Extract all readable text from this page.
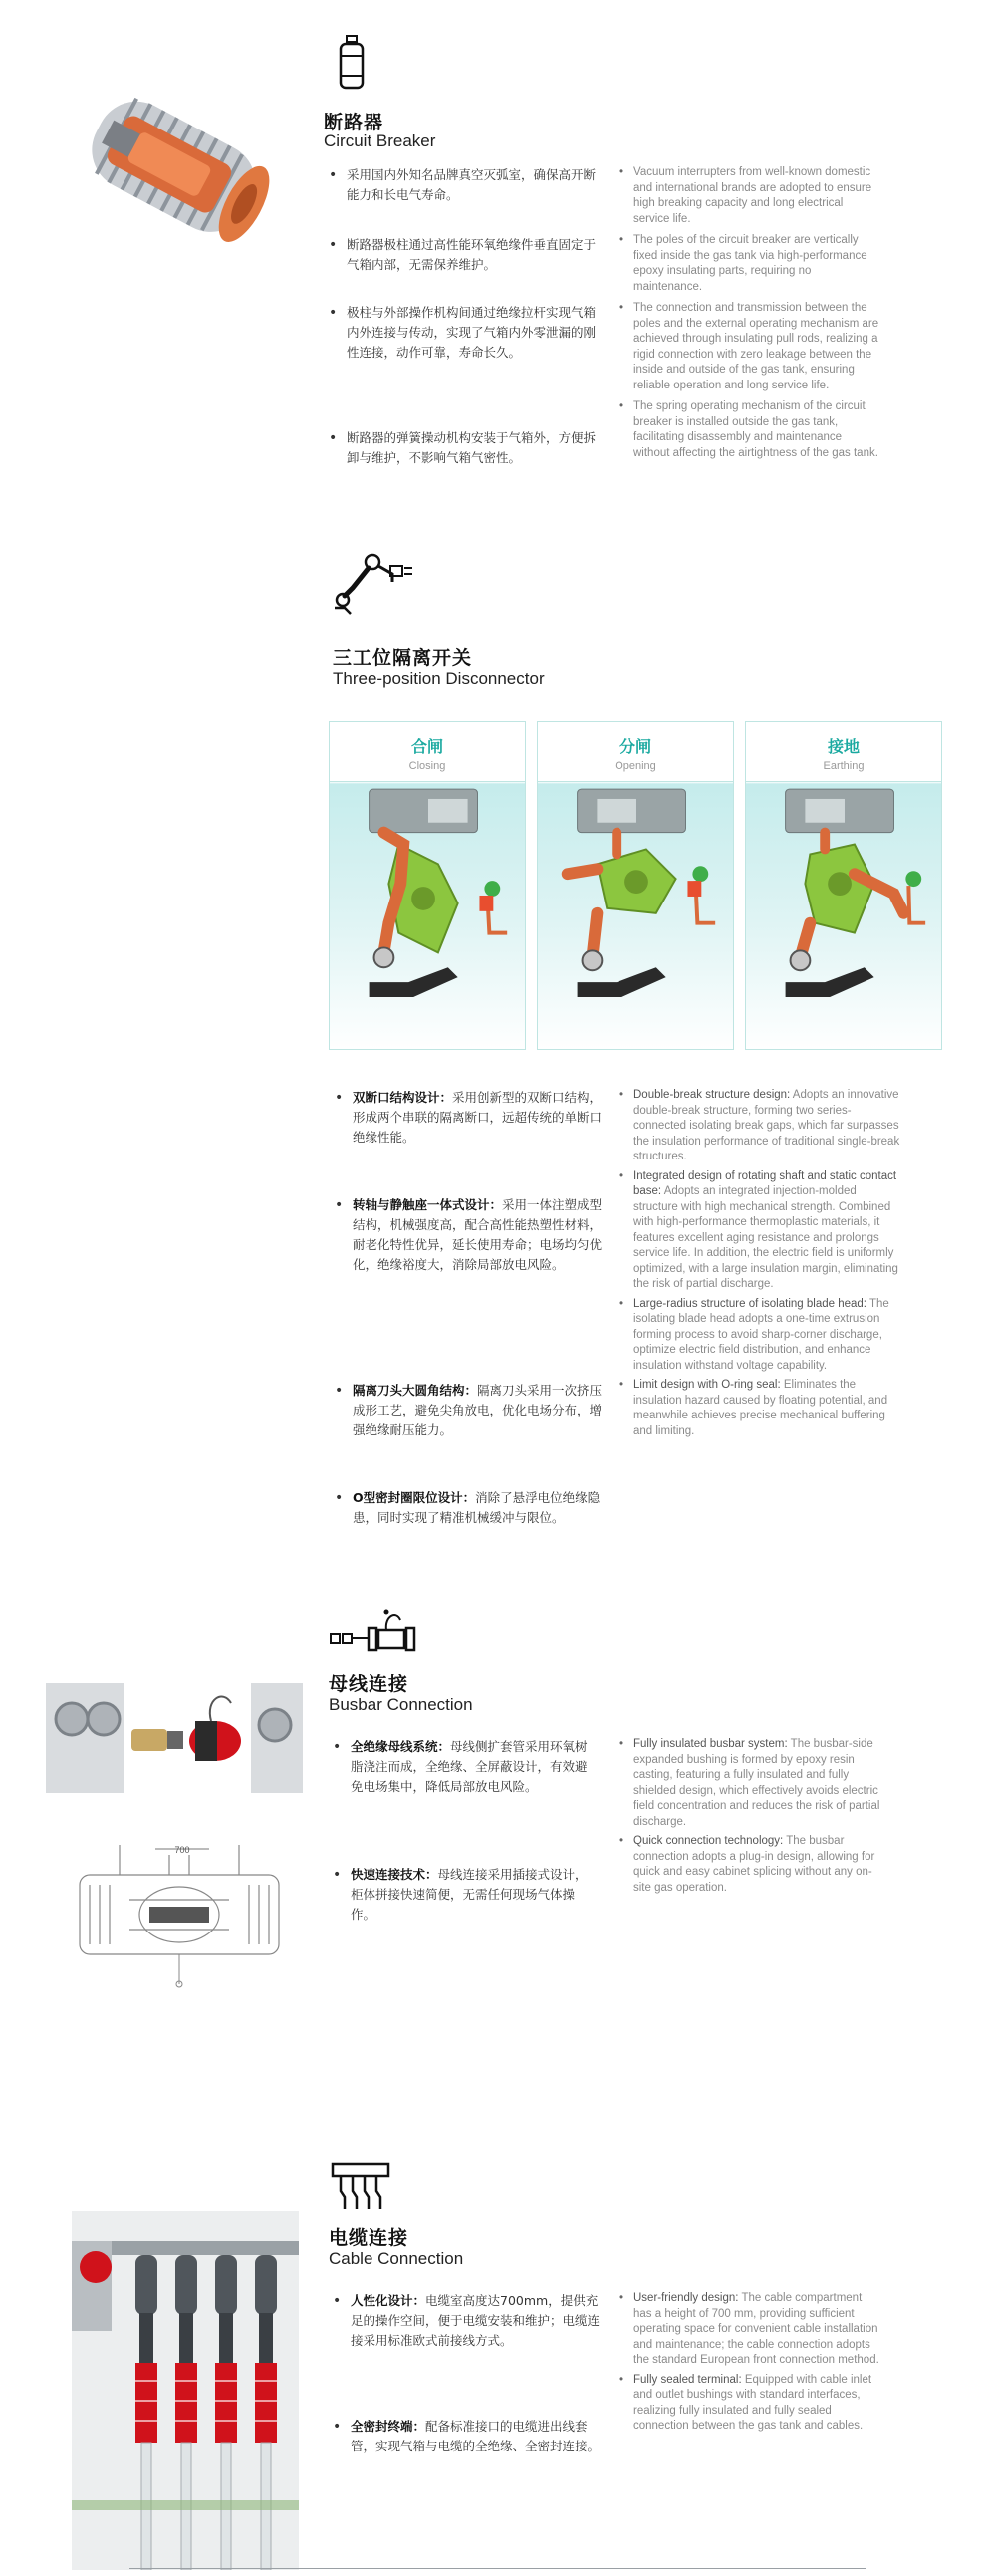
断路器
Circuit Breaker
• 采用国内外知名品牌真空灭弧室，确保高开断能力和长电气寿命。
• 断路器极柱通过高性能环氧绝缘件垂直固定于气箱内部，无需保养维护。
• 极柱与外部操作机构间通过绝缘拉杆实现气箱内外连接与传动，实现了气箱内外零泄漏的刚性连接，动作可靠，寿命长久。
• 断路器的弹簧操动机构安装于气箱外，方便拆卸与维护，不影响气箱气密性。
• Vacuum interrupters from well-known domestic and international brands are adopted to ensure high breaking capacity and long electrical service life.
• The poles of the circuit breaker are vertically fixed inside the gas tank via high-performance epoxy insulating parts, requiring no maintenance.
• The connection and transmission between the poles and the external operating mechanism are achieved through insulating pull rods, realizing a rigid connection with zero leakage between the inside and outside of the gas tank, ensuring reliable operation and long service life.
• The spring operating mechanism of the circuit breaker is installed outside the gas tank, facilitating disassembly and maintenance without affecting the airtightness of the gas tank.
三工位隔离开关
Three-position Disconnector
合闸
Closing
分闸
Opening
接地
Earthing
• 双断口结构设计：采用创新型的双断口结构，形成两个串联的隔离断口，远超传统的单断口绝缘性能。
• 转轴与静触座一体式设计：采用一体注塑成型结构，机械强度高，配合高性能热塑性材料，耐老化特性优异，延长使用寿命；电场均匀优化，绝缘裕度大，消除局部放电风险。
• 隔离刀头大圆角结构：隔离刀头采用一次挤压成形工艺，避免尖角放电，优化电场分布，增强绝缘耐压能力。
• O型密封圈限位设计：消除了悬浮电位绝缘隐患，同时实现了精准机械缓冲与限位。
• Double-break structure design: Adopts an innovative double-break structure, forming two series-connected isolating break gaps, which far surpasses the insulation performance of traditional single-break structures.
• Integrated design of rotating shaft and static contact base: Adopts an integrated injection-molded structure with high mechanical strength. Combined with high-performance thermoplastic materials, it features excellent aging resistance and prolongs service life. In addition, the electric field is uniformly optimized, with a large insulation margin, eliminating the risk of partial discharge.
• Large-radius structure of isolating blade head: The isolating blade head adopts a one-time extrusion forming process to avoid sharp-corner discharge, optimize electric field distribution, and enhance insulation withstand voltage capability.
• Limit design with O-ring seal: Eliminates the insulation hazard caused by floating potential, and meanwhile achieves precise mechanical buffering and limiting.
母线连接
Busbar Connection
700
• 全绝缘母线系统：母线侧扩套管采用环氧树脂浇注而成，全绝缘、全屏蔽设计，有效避免电场集中，降低局部放电风险。
• 快速连接技术：母线连接采用插接式设计，柜体拼接快速简便，无需任何现场气体操作。
• Fully insulated busbar system: The busbar-side expanded bushing is formed by epoxy resin casting, featuring a fully insulated and fully shielded design, which effectively avoids electric field concentration and reduces the risk of partial discharge.
• Quick connection technology: The busbar connection adopts a plug-in design, allowing for quick and easy cabinet splicing without any on-site gas operation.
电缆连接
Cable Connection
• 人性化设计：电缆室高度达700mm，提供充足的操作空间，便于电缆安装和维护；电缆连接采用标准欧式前接线方式。
• 全密封终端：配备标准接口的电缆进出线套管，实现气箱与电缆的全绝缘、全密封连接。
• User-friendly design: The cable compartment has a height of 700 mm, providing sufficient operating space for convenient cable installation and maintenance; the cable connection adopts the standard European front connection method.
• Fully sealed terminal: Equipped with cable inlet and outlet bushings with standard interfaces, realizing fully insulated and fully sealed connection between the gas tank and cables.
